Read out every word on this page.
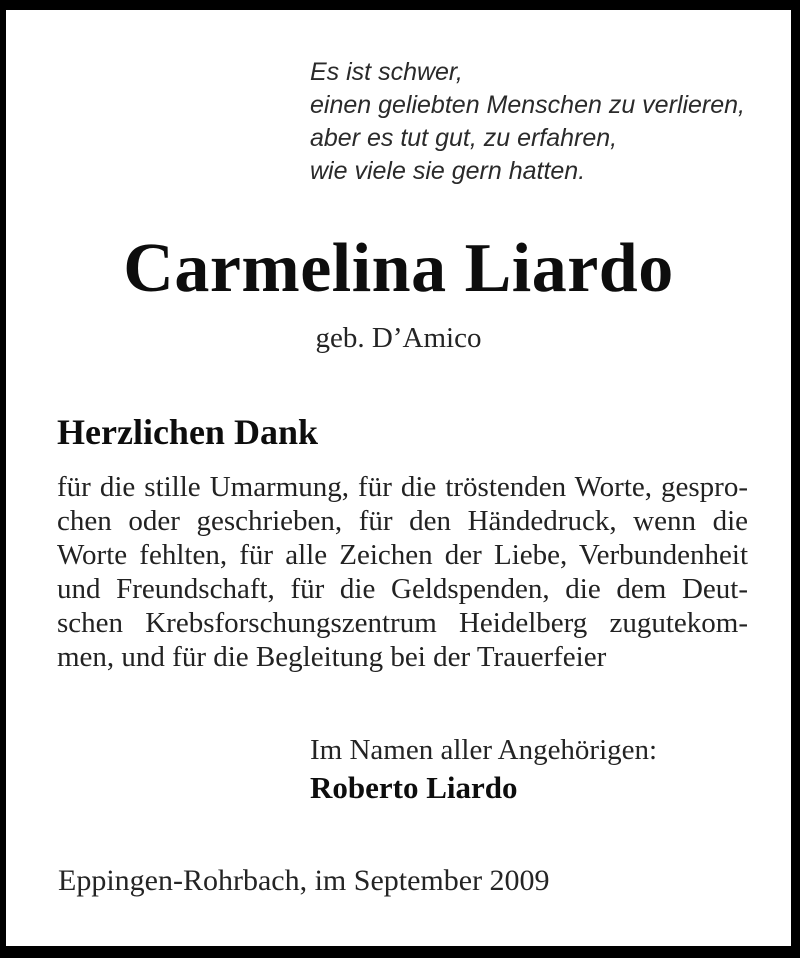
Es ist schwer,
einen geliebten Menschen zu verlieren,
aber es tut gut, zu erfahren,
wie viele sie gern hatten.
Carmelina Liardo
geb. D’Amico
Herzlichen Dank
für die stille Umarmung, für die tröstenden Worte, gespro-
chen oder geschrieben, für den Händedruck, wenn die
Worte fehlten, für alle Zeichen der Liebe, Verbundenheit
und Freundschaft, für die Geldspenden, die dem Deut-
schen Krebsforschungszentrum Heidelberg zugutekom-
men, und für die Begleitung bei der Trauerfeier
Im Namen aller Angehörigen:
Roberto Liardo
Eppingen-Rohrbach, im September 2009
